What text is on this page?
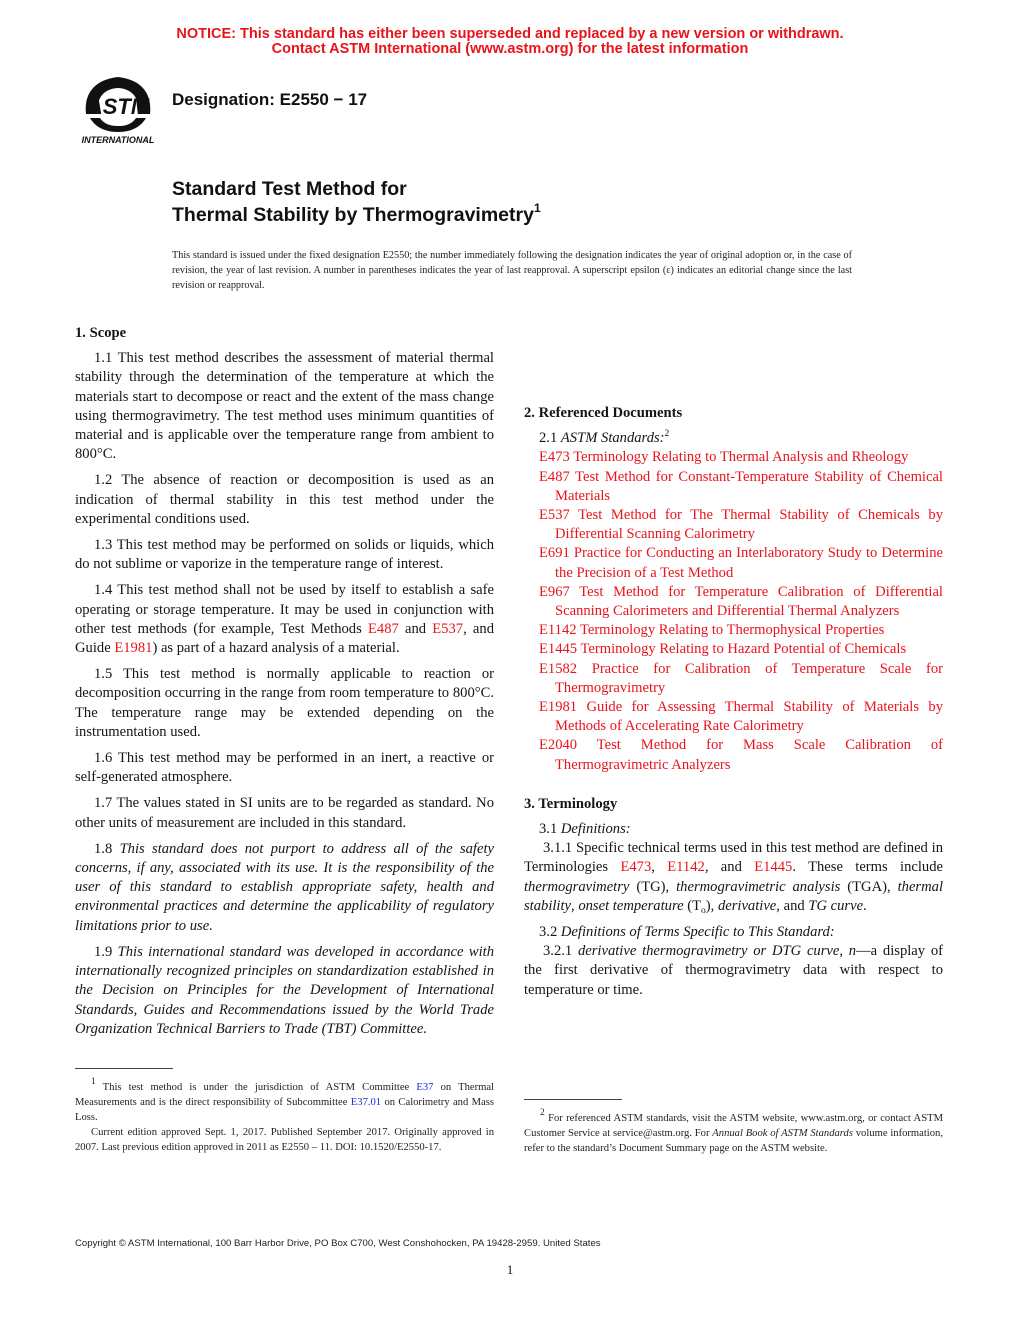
NOTICE: This standard has either been superseded and replaced by a new version or withdrawn.
Contact ASTM International (www.astm.org) for the latest information
ASTM
INTERNATIONAL
Designation: E2550 − 17
Standard Test Method for
Thermal Stability by Thermogravimetry$^1$
This standard is issued under the fixed designation E2550; the number immediately following the designation indicates the year of original adoption or, in the case of revision, the year of last revision. A number in parentheses indicates the year of last reapproval. A superscript epsilon (ε) indicates an editorial change since the last revision or reapproval.
1. Scope

1.1 This test method describes the assessment of material thermal stability through the determination of the temperature at which the materials start to decompose or react and the extent of the mass change using thermogravimetry. The test method uses minimum quantities of material and is applicable over the temperature range from ambient to 800°C.

1.2 The absence of reaction or decomposition is used as an indication of thermal stability in this test method under the experimental conditions used.

1.3 This test method may be performed on solids or liquids, which do not sublime or vaporize in the temperature range of interest.

1.4 This test method shall not be used by itself to establish a safe operating or storage temperature. It may be used in conjunction with other test methods (for example, Test Methods E487 and E537, and Guide E1981) as part of a hazard analysis of a material.

1.5 This test method is normally applicable to reaction or decomposition occurring in the range from room temperature to 800°C. The temperature range may be extended depending on the instrumentation used.

1.6 This test method may be performed in an inert, a reactive or self-generated atmosphere.

1.7 The values stated in SI units are to be regarded as standard. No other units of measurement are included in this standard.

1.8 This standard does not purport to address all of the safety concerns, if any, associated with its use. It is the responsibility of the user of this standard to establish appropriate safety, health and environmental practices and determine the applicability of regulatory limitations prior to use.

1.9 This international standard was developed in accordance with internationally recognized principles on standardization established in the Decision on Principles for the Development of International Standards, Guides and Recommendations issued by the World Trade Organization Technical Barriers to Trade (TBT) Committee.

2. Referenced Documents

2.1 ASTM Standards:$^2$

E473 Terminology Relating to Thermal Analysis and Rheology

E487 Test Method for Constant-Temperature Stability of Chemical Materials

E537 Test Method for The Thermal Stability of Chemicals by Differential Scanning Calorimetry

E691 Practice for Conducting an Interlaboratory Study to Determine the Precision of a Test Method

E967 Test Method for Temperature Calibration of Differential Scanning Calorimeters and Differential Thermal Analyzers

E1142 Terminology Relating to Thermophysical Properties

E1445 Terminology Relating to Hazard Potential of Chemicals

E1582 Practice for Calibration of Temperature Scale for Thermogravimetry

E1981 Guide for Assessing Thermal Stability of Materials by Methods of Accelerating Rate Calorimetry

E2040 Test Method for Mass Scale Calibration of Thermogravimetric Analyzers

3. Terminology

3.1 Definitions:

3.1.1 Specific technical terms used in this test method are defined in Terminologies E473, E1142, and E1445. These terms include thermogravimetry (TG), thermogravimetric analysis (TGA), thermal stability, onset temperature $(T_o)$, derivative, and TG curve.

3.2 Definitions of Terms Specific to This Standard:

3.2.1 derivative thermogravimetry or DTG curve, n—a display of the first derivative of thermogravimetry data with respect to temperature or time.

1 This test method is under the jurisdiction of ASTM Committee E37 on Thermal Measurements and is the direct responsibility of Subcommittee E37.01 on Calorimetry and Mass Loss.

Current edition approved Sept. 1, 2017. Published September 2017. Originally approved in 2007. Last previous edition approved in 2011 as E2550 – 11. DOI: 10.1520/E2550-17.

2 For referenced ASTM standards, visit the ASTM website, www.astm.org, or contact ASTM Customer Service at service@astm.org. For Annual Book of ASTM Standards volume information, refer to the standard’s Document Summary page on the ASTM website.

Copyright © ASTM International, 100 Barr Harbor Drive, PO Box C700, West Conshohocken, PA 19428-2959. United States
1
